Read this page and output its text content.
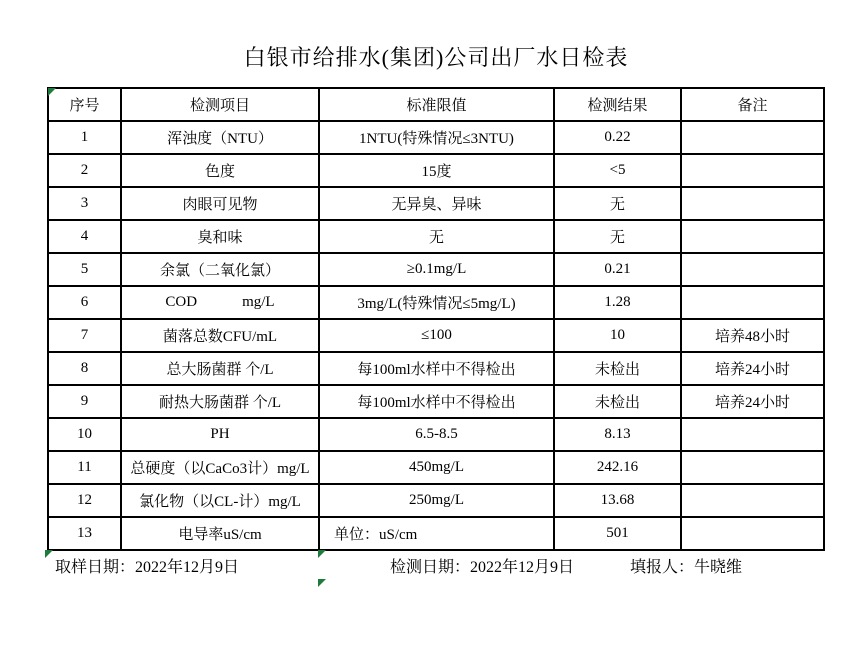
白银市给排水(集团)公司出厂水日检表
序号	检测项目	标准限值	检测结果	备注
1	浑浊度（NTU）	1NTU(特殊情况≤3NTU)	0.22	
2	色度	15度	<5	
3	肉眼可见物	无异臭、异味	无	
4	臭和味	无	无	
5	余氯（二氧化氯）	≥0.1mg/L	0.21	
6	COD            mg/L	3mg/L(特殊情况≤5mg/L)	1.28	
7	菌落总数CFU/mL	≤100	10	培养48小时
8	总大肠菌群 个/L	每100ml水样中不得检出	未检出	培养24小时
9	耐热大肠菌群 个/L	每100ml水样中不得检出	未检出	培养24小时
10	PH	6.5-8.5	8.13	
11	总硬度（以CaCo3计）mg/L	450mg/L	242.16	
12	氯化物（以CL-计）mg/L	250mg/L	13.68	
13	电导率uS/cm	单位：uS/cm	501	
取样日期：2022年12月9日	检测日期：2022年12月9日	填报人：牛晓维
